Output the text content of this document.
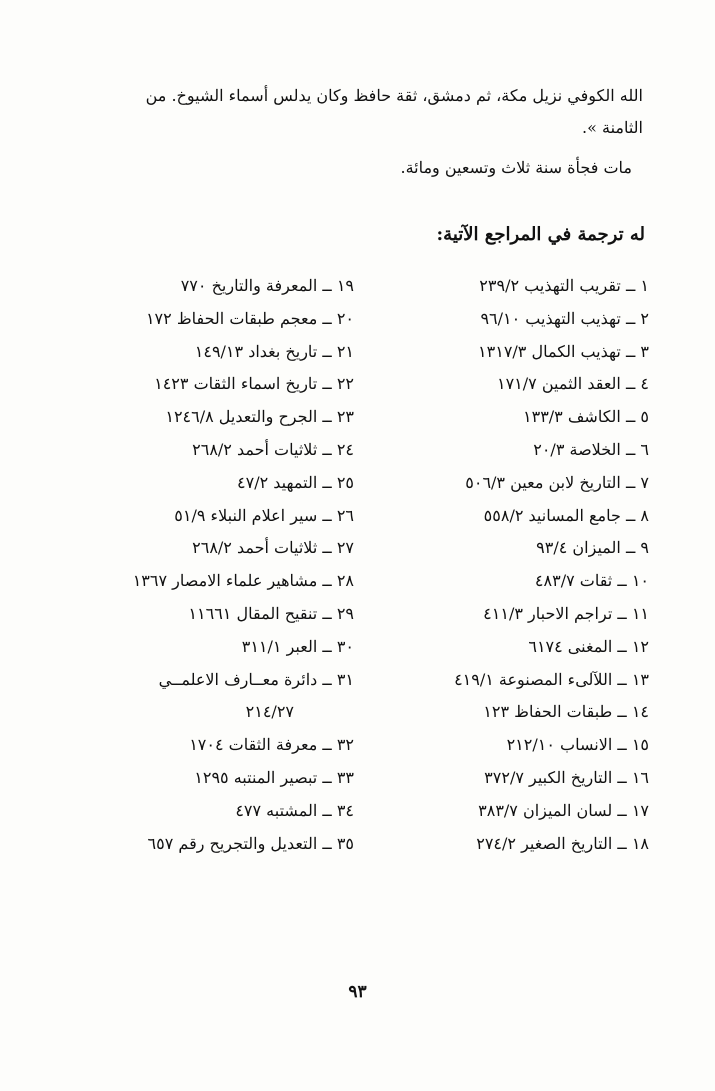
الله الكوفي نزيل مكة، ثم دمشق، ثقة حافظ وكان يدلس أسماء الشيوخ. من
الثامنة ».
مات فجأة سنة ثلاث وتسعين ومائة.
له ترجمة في المراجع الآتية:
١ ــ تقريب التهذيب ٢٣٩/٢
٢ ــ تهذيب التهذيب ٩٦/١٠
٣ ــ تهذيب الكمال ١٣١٧/٣
٤ ــ العقد الثمين ١٧١/٧
٥ ــ الكاشف ١٣٣/٣
٦ ــ الخلاصة ٢٠/٣
٧ ــ التاريخ لابن معين ٥٠٦/٣
٨ ــ جامع المسانيد ٥٥٨/٢
٩ ــ الميزان ٩٣/٤
١٠ ــ ثقات ٤٨٣/٧
١١ ــ تراجم الاحبار ٤١١/٣
١٢ ــ المغنى ٦١٧٤
١٣ ــ اللآلىء المصنوعة ٤١٩/١
١٤ ــ طبقات الحفاظ ١٢٣
١٥ ــ الانساب ٢١٢/١٠
١٦ ــ التاريخ الكبير ٣٧٢/٧
١٧ ــ لسان الميزان ٣٨٣/٧
١٨ ــ التاريخ الصغير ٢٧٤/٢
١٩ ــ المعرفة والتاريخ ٧٧٠
٢٠ ــ معجم طبقات الحفاظ ١٧٢
٢١ ــ تاريخ بغداد ١٤٩/١٣
٢٢ ــ تاريخ اسماء الثقات ١٤٢٣
٢٣ ــ الجرح والتعديل ١٢٤٦/٨
٢٤ ــ ثلاثيات أحمد ٢٦٨/٢
٢٥ ــ التمهيد ٤٧/٢
٢٦ ــ سير اعلام النبلاء ٥١/٩
٢٧ ــ ثلاثيات أحمد ٢٦٨/٢
٢٨ ــ مشاهير علماء الامصار ١٣٦٧
٢٩ ــ تنقيح المقال ١١٦٦١
٣٠ ــ العبر ٣١١/١
٣١ ــ دائرة معــارف الاعلمــي
٢١٤/٢٧
٣٢ ــ معرفة الثقات ١٧٠٤
٣٣ ــ تبصير المنتبه ١٢٩٥
٣٤ ــ المشتبه ٤٧٧
٣٥ ــ التعديل والتجريح رقم ٦٥٧
٩٣
